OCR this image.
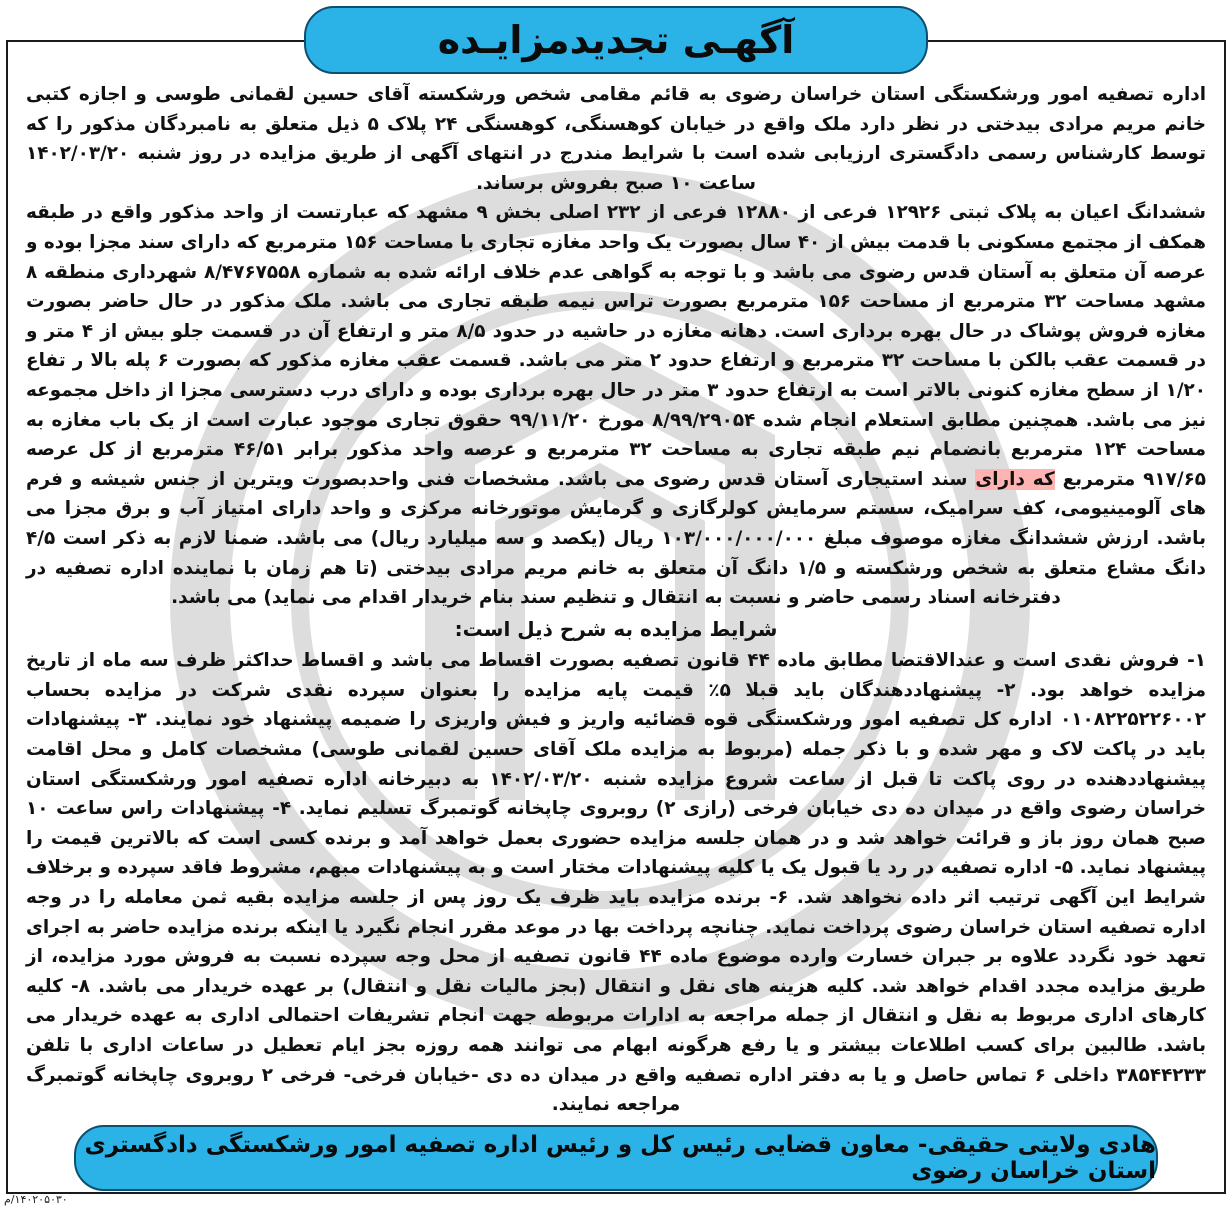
آگهـی تجدیدمزایـده

اداره تصفیه امور ورشکستگی استان خراسان رضوی به قائم مقامی شخص ورشکسته آقای حسین لقمانی طوسی و اجازه کتبی خانم مریم مرادی بیدختی در نظر دارد ملک واقع در خیابان کوهسنگی، کوهسنگی ۲۴ پلاک ۵ ذیل متعلق به نامبردگان مذکور را که توسط کارشناس رسمی دادگستری ارزیابی شده است با شرایط مندرج در انتهای آگهی از طریق مزایده در روز شنبه ۱۴۰۲/۰۳/۲۰ ساعت ۱۰ صبح بفروش برساند.

ششدانگ اعیان به پلاک ثبتی ۱۲۹۲۶ فرعی از ۱۲۸۸۰ فرعی از ۲۳۲ اصلی بخش ۹ مشهد که عبارتست از واحد مذکور واقع در طبقه همکف از مجتمع مسکونی با قدمت بیش از ۴۰ سال بصورت یک واحد مغازه تجاری با مساحت ۱۵۶ مترمربع که دارای سند مجزا بوده و عرصه آن متعلق به آستان قدس رضوی می باشد و با توجه به گواهی عدم خلاف ارائه شده به شماره ۸/۴۷۶۷۵۵۸ شهرداری منطقه ۸ مشهد مساحت ۳۲ مترمربع از مساحت ۱۵۶ مترمربع بصورت تراس نیمه طبقه تجاری می باشد. ملک مذکور در حال حاضر بصورت مغازه فروش پوشاک در حال بهره برداری است. دهانه مغازه در حاشیه در حدود ۸/۵ متر و ارتفاع آن در قسمت جلو بیش از ۴ متر و در قسمت عقب بالکن با مساحت ۳۲ مترمربع و ارتفاع حدود ۲ متر می باشد. قسمت عقب مغازه مذکور که بصورت ۶ پله بالا ر تفاع ۱/۲۰ از سطح مغازه کنونی بالاتر است به ارتفاع حدود ۳ متر در حال بهره برداری بوده و دارای درب دسترسی مجزا از داخل مجموعه نیز می باشد. همچنین مطابق استعلام انجام شده ۸/۹۹/۲۹۰۵۴ مورخ ۹۹/۱۱/۲۰ حقوق تجاری موجود عبارت است از یک باب مغازه به مساحت ۱۲۴ مترمربع بانضمام نیم طبقه تجاری به مساحت ۳۲ مترمربع و عرصه واحد مذکور برابر ۴۶/۵۱ مترمربع از کل عرصه ۹۱۷/۶۵ مترمربع که دارای سند استیجاری آستان قدس رضوی می باشد. مشخصات فنی واحدبصورت ویترین از جنس شیشه و فرم های آلومینیومی، کف سرامیک، سستم سرمایش کولرگازی و گرمایش موتورخانه مرکزی و واحد دارای امتیاز آب و برق مجزا می باشد. ارزش ششدانگ مغازه موصوف مبلغ ۱۰۳/۰۰۰/۰۰۰/۰۰۰ ریال (یکصد و سه میلیارد ریال) می باشد. ضمنا لازم به ذکر است ۴/۵ دانگ مشاع متعلق به شخص ورشکسته و ۱/۵ دانگ آن متعلق به خانم مریم مرادی بیدختی (تا هم زمان با نماینده اداره تصفیه در دفترخانه اسناد رسمی حاضر و نسبت به انتقال و تنظیم سند بنام خریدار اقدام می نماید) می باشد.

شرایط مزایده به شرح ذیل است:

۱- فروش نقدی است و عندالاقتضا مطابق ماده ۴۴ قانون تصفیه بصورت اقساط می باشد و اقساط حداکثر ظرف سه ماه از تاریخ مزایده خواهد بود. ۲- پیشنهاددهندگان باید قبلا ۵٪ قیمت پایه مزایده را بعنوان سپرده نقدی شرکت در مزایده بحساب ۰۱۰۸۲۲۵۲۲۶۰۰۲ اداره کل تصفیه امور ورشکستگی قوه قضائیه واریز و فیش واریزی را ضمیمه پیشنهاد خود نمایند. ۳- پیشنهادات باید در پاکت لاک و مهر شده و با ذکر جمله (مربوط به مزایده ملک آقای حسین لقمانی طوسی) مشخصات کامل و محل اقامت پیشنهاددهنده در روی پاکت تا قبل از ساعت شروع مزایده شنبه ۱۴۰۲/۰۳/۲۰ به دبیرخانه اداره تصفیه امور ورشکستگی استان خراسان رضوی واقع در میدان ده دی خیابان فرخی (رازی ۲) روبروی چاپخانه گوتمبرگ تسلیم نماید. ۴- پیشنهادات راس ساعت ۱۰ صبح همان روز باز و قرائت خواهد شد و در همان جلسه مزایده حضوری بعمل خواهد آمد و برنده کسی است که بالاترین قیمت را پیشنهاد نماید. ۵- اداره تصفیه در رد یا قبول یک یا کلیه پیشنهادات مختار است و به پیشنهادات مبهم، مشروط فاقد سپرده و برخلاف شرایط این آگهی ترتیب اثر داده نخواهد شد. ۶- برنده مزایده باید ظرف یک روز پس از جلسه مزایده بقیه ثمن معامله را در وجه اداره تصفیه استان خراسان رضوی پرداخت نماید. چنانچه پرداخت بها در موعد مقرر انجام نگیرد یا اینکه برنده مزایده حاضر به اجرای تعهد خود نگردد علاوه بر جبران خسارت وارده موضوع ماده ۴۴ قانون تصفیه از محل وجه سپرده نسبت به فروش مورد مزایده، از طریق مزایده مجدد اقدام خواهد شد. کلیه هزینه های نقل و انتقال (بجز مالیات نقل و انتقال) بر عهده خریدار می باشد. ۸- کلیه کارهای اداری مربوط به نقل و انتقال از جمله مراجعه به ادارات مربوطه جهت انجام تشریفات احتمالی اداری به عهده خریدار می باشد. طالبین برای کسب اطلاعات بیشتر و یا رفع هرگونه ابهام می توانند همه روزه بجز ایام تعطیل در ساعات اداری با تلفن ۳۸۵۴۴۲۳۳ داخلی ۶ تماس حاصل و یا به دفتر اداره تصفیه واقع در میدان ده دی -خیابان فرخی- فرخی ۲ روبروی چاپخانه گوتمبرگ مراجعه نمایند.

هادی ولایتی حقیقی- معاون قضایی رئیس کل و رئیس اداره تصفیه امور ورشکستگی دادگستری استان خراسان رضوی
۱۴۰۲۰۵۰۳۰/م
